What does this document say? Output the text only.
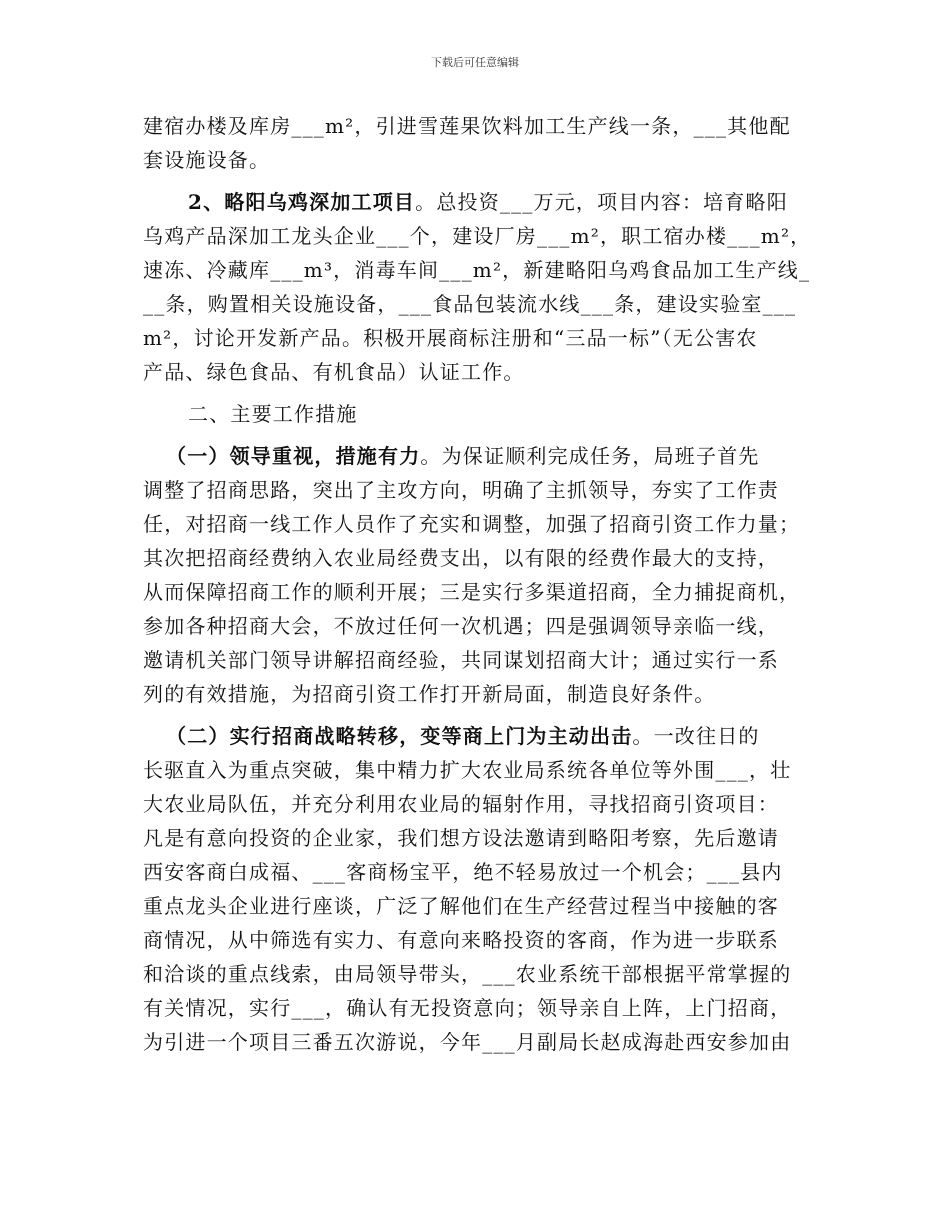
下载后可任意编辑
建宿办楼及库房___m²，引进雪莲果饮料加工生产线一条，___其他配
套设施设备。
2、略阳乌鸡深加工项目。总投资___万元，项目内容：培育略阳
乌鸡产品深加工龙头企业___个，建设厂房___m²，职工宿办楼___m²，
速冻、冷藏库___m³，消毒车间___m²，新建略阳乌鸡食品加工生产线_
__条，购置相关设施设备，___食品包装流水线___条，建设实验室___
m²，讨论开发新产品。积极开展商标注册和“三品一标”（无公害农
产品、绿色食品、有机食品）认证工作。
二、主要工作措施
（一）领导重视，措施有力。为保证顺利完成任务，局班子首先
调整了招商思路，突出了主攻方向，明确了主抓领导，夯实了工作责
任，对招商一线工作人员作了充实和调整，加强了招商引资工作力量；
其次把招商经费纳入农业局经费支出，以有限的经费作最大的支持，
从而保障招商工作的顺利开展；三是实行多渠道招商，全力捕捉商机，
参加各种招商大会，不放过任何一次机遇；四是强调领导亲临一线，
邀请机关部门领导讲解招商经验，共同谋划招商大计；通过实行一系
列的有效措施，为招商引资工作打开新局面，制造良好条件。
（二）实行招商战略转移，变等商上门为主动出击。一改往日的
长驱直入为重点突破，集中精力扩大农业局系统各单位等外围___，壮
大农业局队伍，并充分利用农业局的辐射作用，寻找招商引资项目：
凡是有意向投资的企业家，我们想方设法邀请到略阳考察，先后邀请
西安客商白成福、___客商杨宝平，绝不轻易放过一个机会；___县内
重点龙头企业进行座谈，广泛了解他们在生产经营过程当中接触的客
商情况，从中筛选有实力、有意向来略投资的客商，作为进一步联系
和洽谈的重点线索，由局领导带头，___农业系统干部根据平常掌握的
有关情况，实行___，确认有无投资意向；领导亲自上阵，上门招商，
为引进一个项目三番五次游说，今年___月副局长赵成海赴西安参加由
